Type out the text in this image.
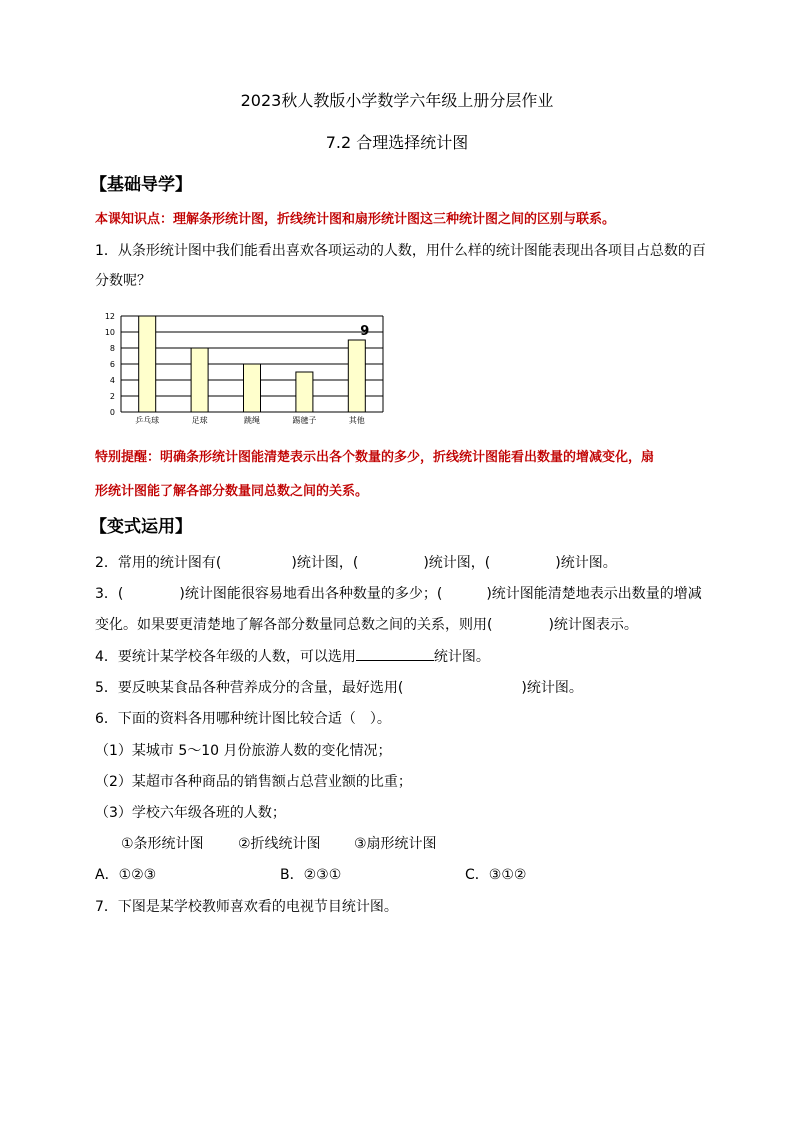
2023秋人教版小学数学六年级上册分层作业
7.2 合理选择统计图
【基础导学】
本课知识点：理解条形统计图，折线统计图和扇形统计图这三种统计图之间的区别与联系。
1．从条形统计图中我们能看出喜欢各项运动的人数，用什么样的统计图能表现出各项目占总数的百
分数呢？
0
2
4
6
8
10
12
乒乓球	足球	跳绳	踢毽子	其他
9
特别提醒：明确条形统计图能清楚表示出各个数量的多少，折线统计图能看出数量的增减变化，扇
形统计图能了解各部分数量同总数之间的关系。
【变式运用】
2．常用的统计图有(	)统计图，(	)统计图，(	)统计图。
3．(	)统计图能很容易地看出各种数量的多少；(	)统计图能清楚地表示出数量的增减
变化。如果要更清楚地了解各部分数量同总数之间的关系，则用(	)统计图表示。
4．要统计某学校各年级的人数，可以选用	统计图。
5．要反映某食品各种营养成分的含量，最好选用(	)统计图。
6．下面的资料各用哪种统计图比较合适（　）。
（1）某城市 5～10 月份旅游人数的变化情况；
（2）某超市各种商品的销售额占总营业额的比重；
（3）学校六年级各班的人数；
①条形统计图 ②折线统计图 ③扇形统计图
A．①②③	B．②③①	C．③①②
7．下图是某学校教师喜欢看的电视节目统计图。
